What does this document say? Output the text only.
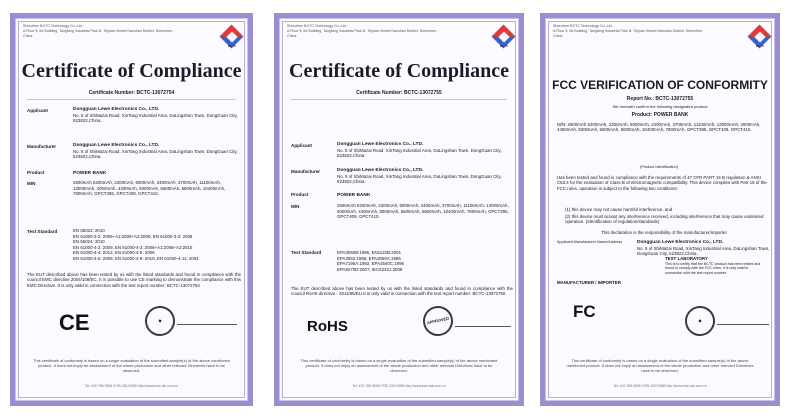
Shenzhen BCTC Technology Co.,Ltd.
A Floor 5, 6# Building, Tangtang Industrial Park B, Tiejuan Xinwei Nanshan District, Shenzhen, China
BCTC
Certificate of Compliance
Certificate Number: BCTC-13072754
Applicant	Dongguan Lewe Electronics Co., LTD.
No. 5 of ShiMazai Road, XinTang Industrial Area, DaLingshan Town, DongGuan City, 523822,China.
Manufacturer	Dongguan Lewe Electronics Co., LTD.
No. 5 of ShiMazai Road, XinTang Industrial Area, DaLingshan Town, DongGuan City, 523822,China.
Product	POWER BANK
M/N	2600mAh 5200mAh, 2200mAh, 6000mAh, 2400mAh, 3700mAh, 11100mAh, 13000mAh, 4000mAh, 4400mAh, 5000mAh, 5600mAh, 6600mAh, 10400mAh, 7800mAh, GPCT395, GPCT409, GPCT410.
Test Standard	EN 55022: 2010
EN 61000-3-2: 2006+A1:2009+A2:2009, EN 61000-3-3: 2008
EN 55024: 2010
EN 61000-4-2: 2009, EN 61000-4-3: 2006+A1:2008+A2:2010
EN 61000-4-4: 2012, EN 61000-4-5: 2006
EN 61000-4-6: 2009, EN 61000-4-8: 2010, EN 61000-4-11: 2004
The EUT described above has been tested by us with the listed standards and found in compliance with the council EMC directive 2004/108/EC. It is possible to use CE marking to demonstrate the compliance with this EMC Directive. It is only valid in connection with the test report number: BCTC-13072754
CE	◆
This certificate of conformity is based on a single evaluation of the submitted sample(s) of the above mentioned product. It does not imply an assessment of the whole production and other relevant Directives have to be observed.
Tel: 400-788-9558 0755-33019988 http://www.bctc-lab.com.cn
Shenzhen BCTC Technology Co.,Ltd.
A Floor 5, 6# Building, Tangtang Industrial Park B, Tiejuan Xinwei Nanshan District, Shenzhen, China
BCTC
Certificate of Compliance
Certificate Number: BCTC-13072755
Applicant	Dongguan Lewe Electronics Co., LTD.
No. 5 of ShiMazai Road, XinTang Industrial Area, DaLingshan Town, DongGuan City, 523822,China.
Manufacturer	Dongguan Lewe Electronics Co., LTD.
No. 5 of ShiMazai Road, XinTang Industrial Area, DaLingshan Town, DongGuan City, 523822,China.
Product	POWER BANK
M/N	2600mAh 5200mAh, 2200mAh, 6000mAh, 2400mAh, 3700mAh, 11100mAh, 13000mAh, 4000mAh, 4400mAh, 5000mAh, 5600mAh, 6600mAh, 10400mAh, 7800mAh, GPCT395, GPCT409, GPCT410.
Test Standard	EPA3050B:1996, EN1122B:2001
EPA3052:1996, EPA3060A:1996
EPA7196A:1992, EPA3540C:1996
EPA8270D:2007, IEC62321:2008
The EUT described above has been tested by us with the listed standards and found in compliance with the council RoHS directive - 2011/65/EU.It is only valid in connection with the test report number: BCTC-13072755
RoHS	APPROVED
This certificate of conformity is based on a single evaluation of the submitted sample(s) of the above mentioned product. It does not imply an assessment of the whole production and other relevant Directives have to be observed.
Tel: 400-788-9558 0755-33019988 http://www.bctc-lab.com.cn
Shenzhen BCTC Technology Co.,Ltd.
A Floor 5, 6# Building, Tangtang Industrial Park B, Tiejuan Xinwei Nanshan District, Shenzhen, China
BCTC
FCC VERIFICATION OF CONFORMITY
Report No.: BCTC-13072755
We herewith confirm the following designated product
Product: POWER BANK
M/N: 2600mAh 5200mAh, 2200mAh, 6000mAh, 2400mAh, 3700mAh, 11100mAh, 13000mAh, 4000mAh, 4400mAh, 5000mAh, 5600mAh, 6600mAh, 10400mAh, 7800mAh, GPCT395, GPCT409, GPCT410.
(Product Identification)
Has been tested and found in compliance with the requirements of 47 CFR PART 15 B regulation & ANSI C63.4 for the evaluation of Class B of electromagnetic compatibility. This device complies with Part 15 of the FCC rules, operation is subject to the following two conditions:
(1) this device may not cause harmful interference, and
(2) this device must accept any interference received, including interference that may cause undesired operation. (Identification of regulation/standards)
This declaration is the responsibility of the manufacturer/importer
Applicant Manufacturer Name/Address	Dongguan Lewe Electronics Co., LTD.
No. 5 of ShiMazai Road, XinTang Industrial Area, DaLingshan Town, DongGuan City, 523822,China.
TEST LABORATORY
This is to certify that the BCTC product has been tested and found to comply with the FCC rules. It is only valid in connection with the test report number.
MANUFACTURER / IMPORTER
FC	◆
This certificate of conformity is based on a single evaluation of the submitted sample(s) of the above mentioned product. It does not imply an assessment of the whole production and other relevant Directives have to be observed.
Tel: 400-788-9558 0755-33019988 http://www.bctc-lab.com.cn
